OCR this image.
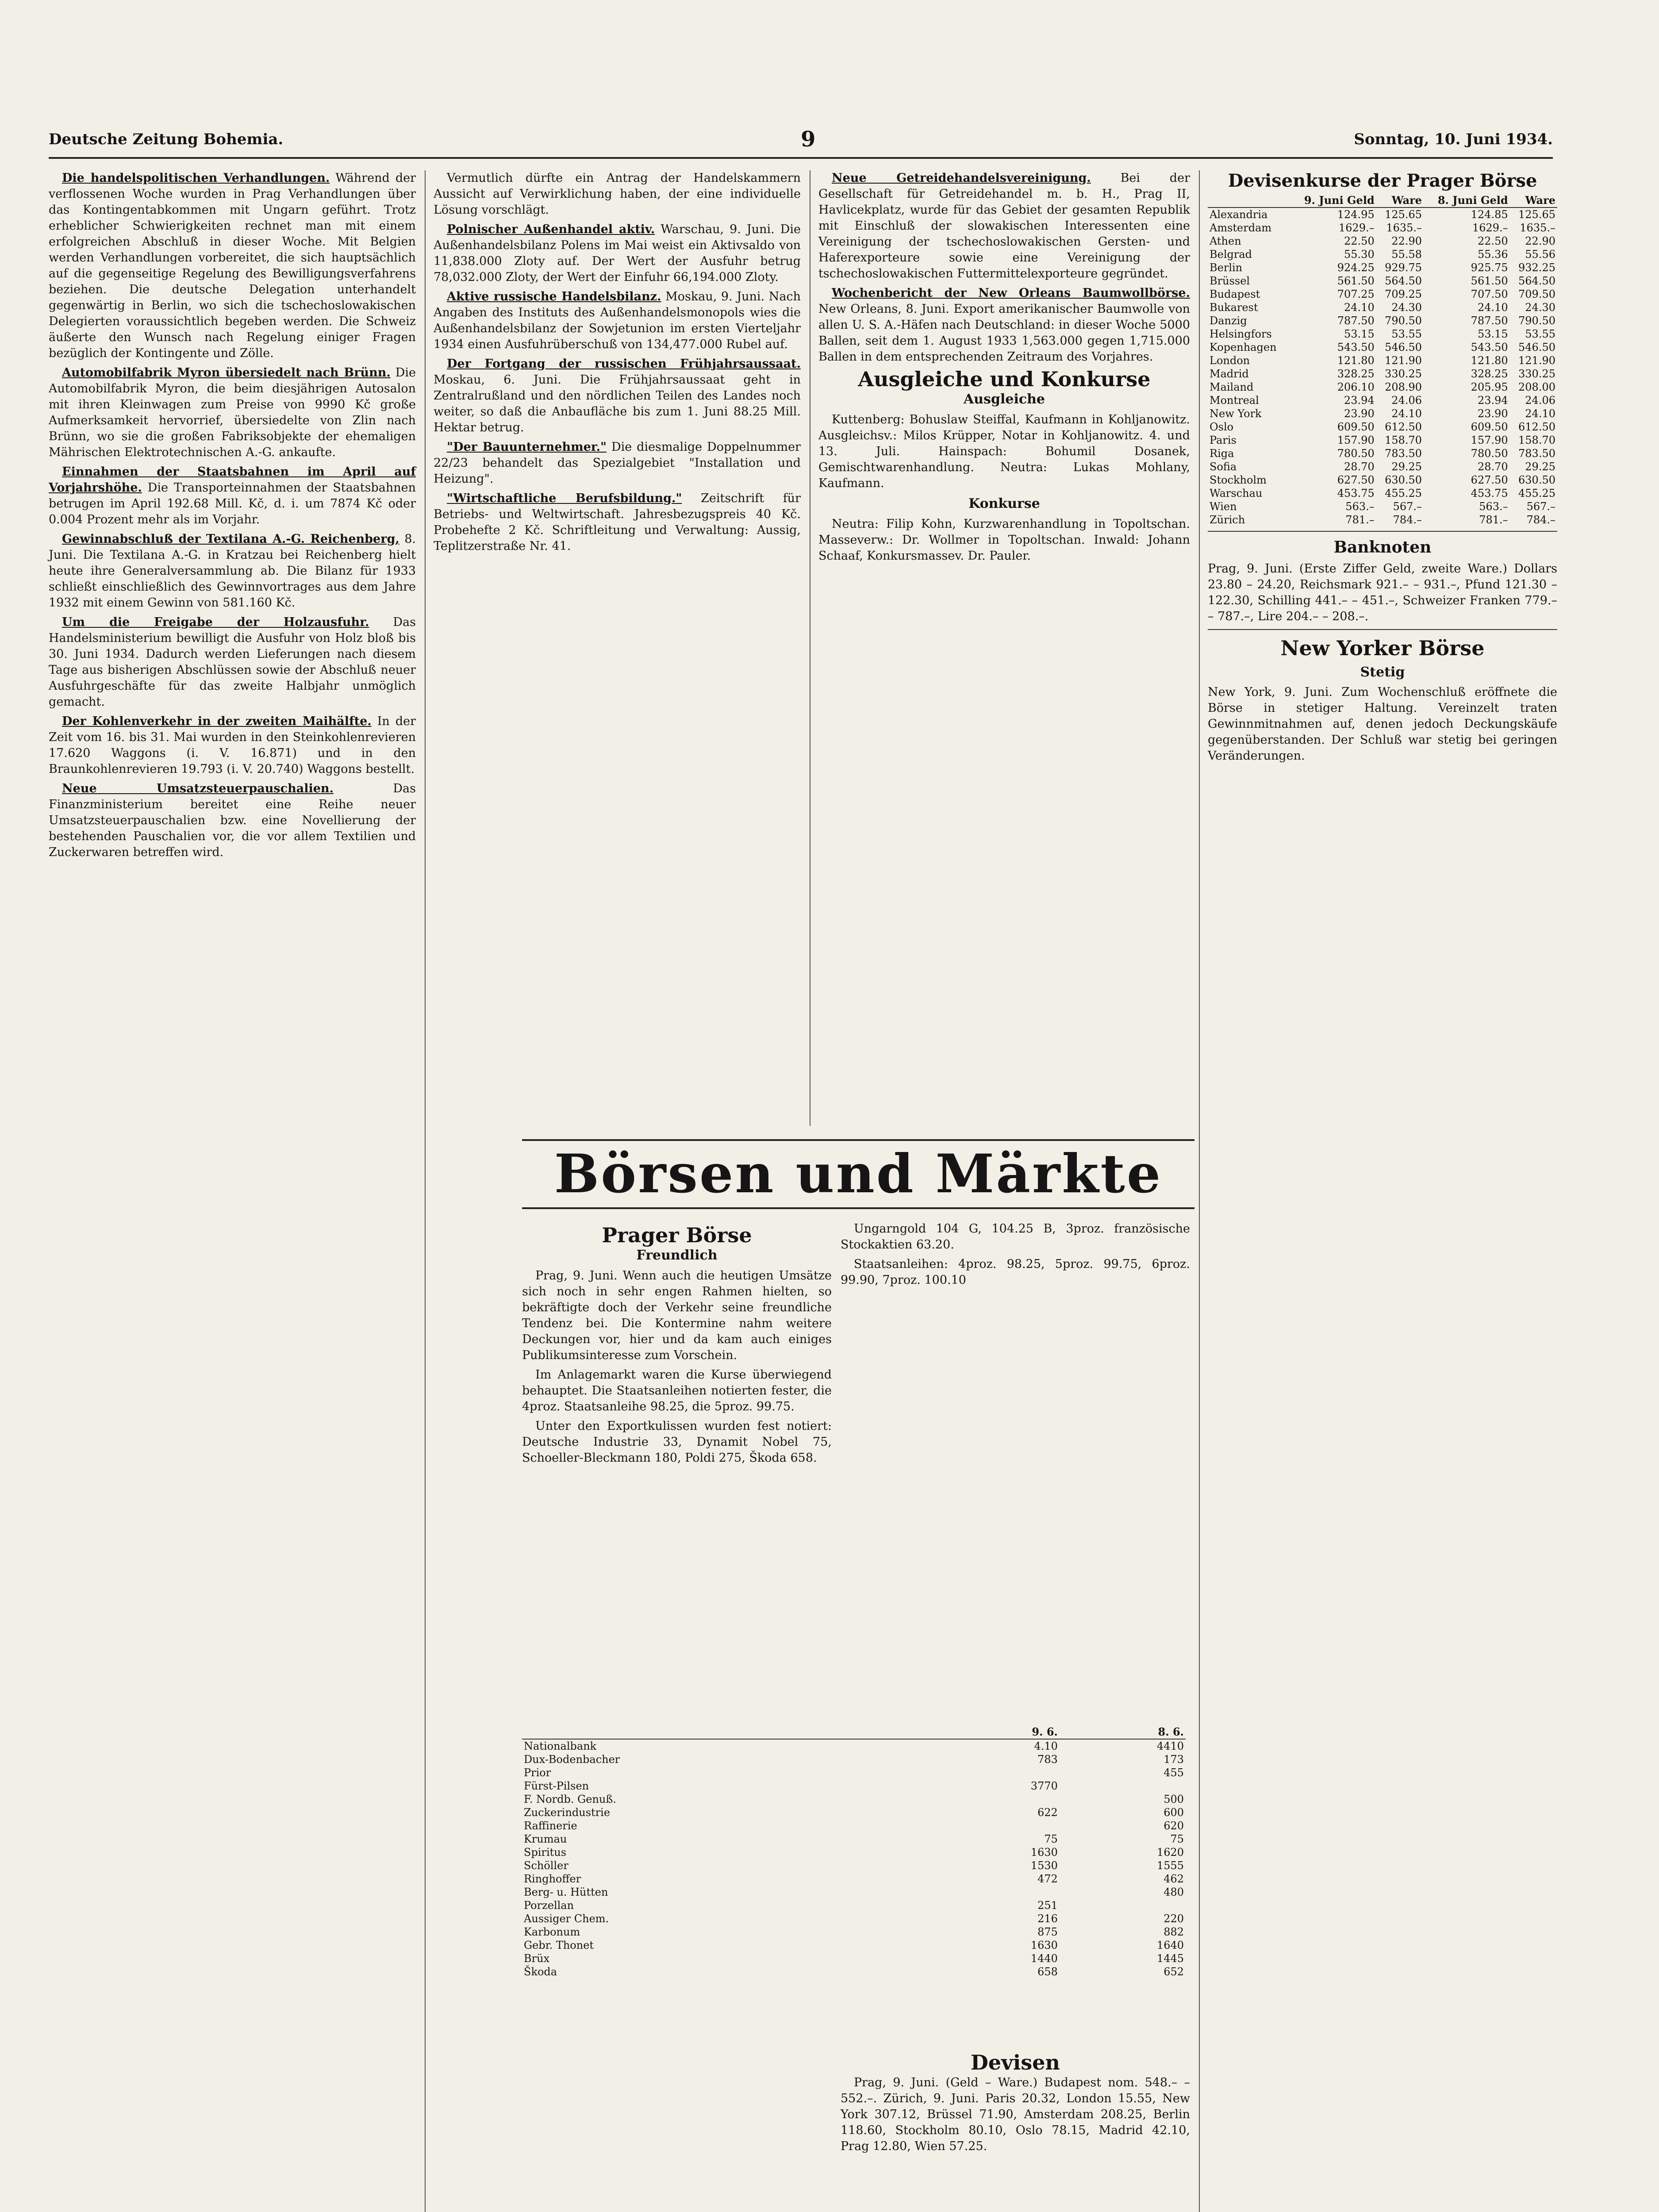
Deutsche Zeitung Bohemia.	9	Sonntag, 10. Juni 1934.

Die handelspolitischen Verhandlungen. Während der verflossenen Woche wurden in Prag Verhandlungen über das Kontingentabkommen mit Ungarn geführt. Trotz erheblicher Schwierigkeiten rechnet man mit einem erfolgreichen Abschluß in dieser Woche. Mit Belgien werden Verhandlungen vorbereitet, die sich hauptsächlich auf die gegenseitige Regelung des Bewilligungsverfahrens beziehen. Die deutsche Delegation unterhandelt gegenwärtig in Berlin, wo sich die tschechoslowakischen Delegierten voraussichtlich begeben werden. Die Schweiz äußerte den Wunsch nach Regelung einiger Fragen bezüglich der Kontingente und Zölle.

Automobilfabrik Myron übersiedelt nach Brünn. Die Automobilfabrik Myron, die beim diesjährigen Autosalon mit ihren Kleinwagen zum Preise von 9990 Kč große Aufmerksamkeit hervorrief, übersiedelte von Zlin nach Brünn, wo sie die großen Fabriksobjekte der ehemaligen Mährischen Elektrotechnischen A.-G. ankaufte.

Einnahmen der Staatsbahnen im April auf Vorjahrshöhe. Die Transporteinnahmen der Staatsbahnen betrugen im April 192.68 Mill. Kč, d. i. um 7874 Kč oder 0.004 Prozent mehr als im Vorjahr.

Gewinnabschluß der Textilana A.-G. Reichenberg, 8. Juni. Die Textilana A.-G. in Kratzau bei Reichenberg hielt heute ihre Generalversammlung ab. Die Bilanz für 1933 schließt einschließlich des Gewinnvortrages aus dem Jahre 1932 mit einem Gewinn von 581.160 Kč.

Um die Freigabe der Holzausfuhr. Das Handelsministerium bewilligt die Ausfuhr von Holz bloß bis 30. Juni 1934. Dadurch werden Lieferungen nach diesem Tage aus bisherigen Abschlüssen sowie der Abschluß neuer Ausfuhrgeschäfte für das zweite Halbjahr unmöglich gemacht.

Der Kohlenverkehr in der zweiten Maihälfte. In der Zeit vom 16. bis 31. Mai wurden in den Steinkohlenrevieren 17.620 Waggons (i. V. 16.871) und in den Braunkohlenrevieren 19.793 (i. V. 20.740) Waggons bestellt.

Neue Umsatzsteuerpauschalien.	Das Finanzministerium bereitet eine Reihe neuer Umsatzsteuerpauschalien bzw. eine Novellierung der bestehenden Pauschalien vor, die vor allem Textilien und Zuckerwaren betreffen wird.

Vermutlich dürfte ein Antrag der Handelskammern Aussicht auf Verwirklichung haben, der eine individuelle Lösung vorschlägt.

Polnischer Außenhandel aktiv. Warschau, 9. Juni. Die Außenhandelsbilanz Polens im Mai weist ein Aktivsaldo von 11,838.000 Zloty auf. Der Wert der Ausfuhr betrug 78,032.000 Zloty, der Wert der Einfuhr 66,194.000 Zloty.

Aktive russische Handelsbilanz. Moskau, 9. Juni. Nach Angaben des Instituts des Außenhandelsmonopols wies die Außenhandelsbilanz der Sowjetunion im ersten Vierteljahr 1934 einen Ausfuhrüberschuß von 134,477.000 Rubel auf.

Der Fortgang der russischen Frühjahrsaussaat. Moskau, 6. Juni. Die Frühjahrsaussaat geht in Zentralrußland und den nördlichen Teilen des Landes noch weiter, so daß die Anbaufläche bis zum 1. Juni 88.25 Mill. Hektar betrug.

"Der Bauunternehmer." Die diesmalige Doppelnummer 22/23 behandelt das Spezialgebiet "Installation und Heizung".

"Wirtschaftliche Berufsbildung." Zeitschrift für Betriebs- und Weltwirtschaft. Jahresbezugspreis 40 Kč. Probehefte 2 Kč. Schriftleitung und Verwaltung: Aussig, Teplitzerstraße Nr. 41.

Neue Getreidehandelsvereinigung. Bei der Gesellschaft für Getreidehandel m. b. H., Prag II, Havlicekplatz, wurde für das Gebiet der gesamten Republik mit Einschluß der slowakischen Interessenten eine Vereinigung der tschechoslowakischen Gersten- und Haferexporteure sowie eine Vereinigung der tschechoslowakischen Futtermittelexporteure gegründet.

Wochenbericht der New Orleans Baumwollbörse. New Orleans, 8. Juni. Export amerikanischer Baumwolle von allen U. S. A.-Häfen nach Deutschland: in dieser Woche 5000 Ballen, seit dem 1. August 1933 1,563.000 gegen 1,715.000 Ballen in dem entsprechenden Zeitraum des Vorjahres.

Ausgleiche und Konkurse
Ausgleiche

Kuttenberg: Bohuslaw Steiffal, Kaufmann in Kohljanowitz. Ausgleichsv.: Milos Krüpper, Notar in Kohljanowitz. 4. und 13. Juli. Hainspach: Bohumil Dosanek, Gemischtwarenhandlung. Neutra: Lukas Mohlany, Kaufmann.

Konkurse

Neutra: Filip Kohn, Kurzwarenhandlung in Topoltschan. Masseverw.: Dr. Wollmer in Topoltschan. Inwald: Johann Schaaf, Konkursmassev. Dr. Pauler.

Börsen und Märkte
Prager Börse
Freundlich

Prag, 9. Juni. Wenn auch die heutigen Umsätze sich noch in sehr engen Rahmen hielten, so bekräftigte doch der Verkehr seine freundliche Tendenz bei. Die Kontermine nahm weitere Deckungen vor, hier und da kam auch einiges Publikumsinteresse zum Vorschein.

Im Anlagemarkt waren die Kurse überwiegend behauptet. Die Staatsanleihen notierten fester, die 4proz. Staatsanleihe 98.25, die 5proz. 99.75.

Unter den Exportkulissen wurden fest notiert: Deutsche Industrie 33, Dynamit Nobel 75, Schoeller-Bleckmann 180, Poldi 275, Škoda 658.

Ungarngold 104 G, 104.25 B, 3proz. französische Stockaktien 63.20.

Staatsanleihen: 4proz. 98.25, 5proz. 99.75, 6proz. 99.90, 7proz. 100.10

	9. 6.	8. 6.
Nationalbank	4.10	4410
Dux-Bodenbacher	783	173
Prior		455
Fürst-Pilsen	3770	
F. Nordb. Genuß.		500
Zuckerindustrie	622	600
Raffinerie		620
Krumau	75	75
Spiritus	1630	1620
Schöller	1530	1555
Ringhoffer	472	462
Berg- u. Hütten		480
Porzellan	251	
Aussiger Chem.	216	220
Karbonum	875	882
Gebr. Thonet	1630	1640
Brüx	1440	1445
Škoda	658	652
Devisen

Prag, 9. Juni. (Geld – Ware.) Budapest nom. 548.– – 552.–. Zürich, 9. Juni. Paris 20.32, London 15.55, New York 307.12, Brüssel 71.90, Amsterdam 208.25, Berlin 118.60, Stockholm 80.10, Oslo 78.15, Madrid 42.10, Prag 12.80, Wien 57.25.

Devisenkurse der Prager Börse
	9. Juni Geld	Ware	8. Juni Geld	Ware
Alexandria	124.95	125.65	124.85	125.65
Amsterdam	1629.–	1635.–	1629.–	1635.–
Athen	22.50	22.90	22.50	22.90
Belgrad	55.30	55.58	55.36	55.56
Berlin	924.25	929.75	925.75	932.25
Brüssel	561.50	564.50	561.50	564.50
Budapest	707.25	709.25	707.50	709.50
Bukarest	24.10	24.30	24.10	24.30
Danzig	787.50	790.50	787.50	790.50
Helsingfors	53.15	53.55	53.15	53.55
Kopenhagen	543.50	546.50	543.50	546.50
London	121.80	121.90	121.80	121.90
Madrid	328.25	330.25	328.25	330.25
Mailand	206.10	208.90	205.95	208.00
Montreal	23.94	24.06	23.94	24.06
New York	23.90	24.10	23.90	24.10
Oslo	609.50	612.50	609.50	612.50
Paris	157.90	158.70	157.90	158.70
Riga	780.50	783.50	780.50	783.50
Sofia	28.70	29.25	28.70	29.25
Stockholm	627.50	630.50	627.50	630.50
Warschau	453.75	455.25	453.75	455.25
Wien	563.–	567.–	563.–	567.–
Zürich	781.–	784.–	781.–	784.–
Banknoten

Prag, 9. Juni. (Erste Ziffer Geld, zweite Ware.) Dollars 23.80 – 24.20, Reichsmark 921.– – 931.–, Pfund 121.30 – 122.30, Schilling 441.– – 451.–, Schweizer Franken 779.– – 787.–, Lire 204.– – 208.–.

New Yorker Börse
Stetig

New York, 9. Juni. Zum Wochenschluß eröffnete die Börse in stetiger Haltung. Vereinzelt traten Gewinnmitnahmen auf, denen jedoch Deckungskäufe gegenüberstanden. Der Schluß war stetig bei geringen Veränderungen.
